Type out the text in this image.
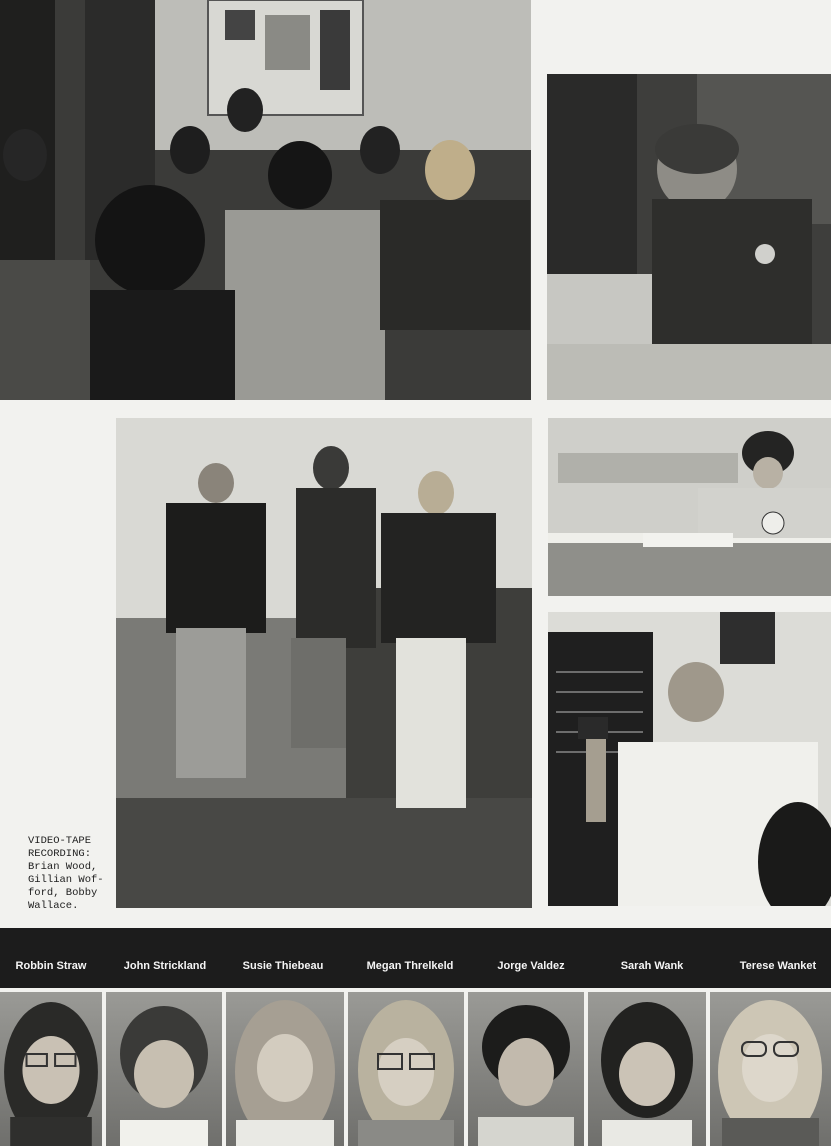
VIDEO-TAPE
RECORDING:
Brian Wood,
Gillian Wof-
ford, Bobby
Wallace.
Robbin Straw	John Strickland	Susie Thiebeau	Megan Threlkeld	Jorge Valdez	Sarah Wank	Terese Wanket
